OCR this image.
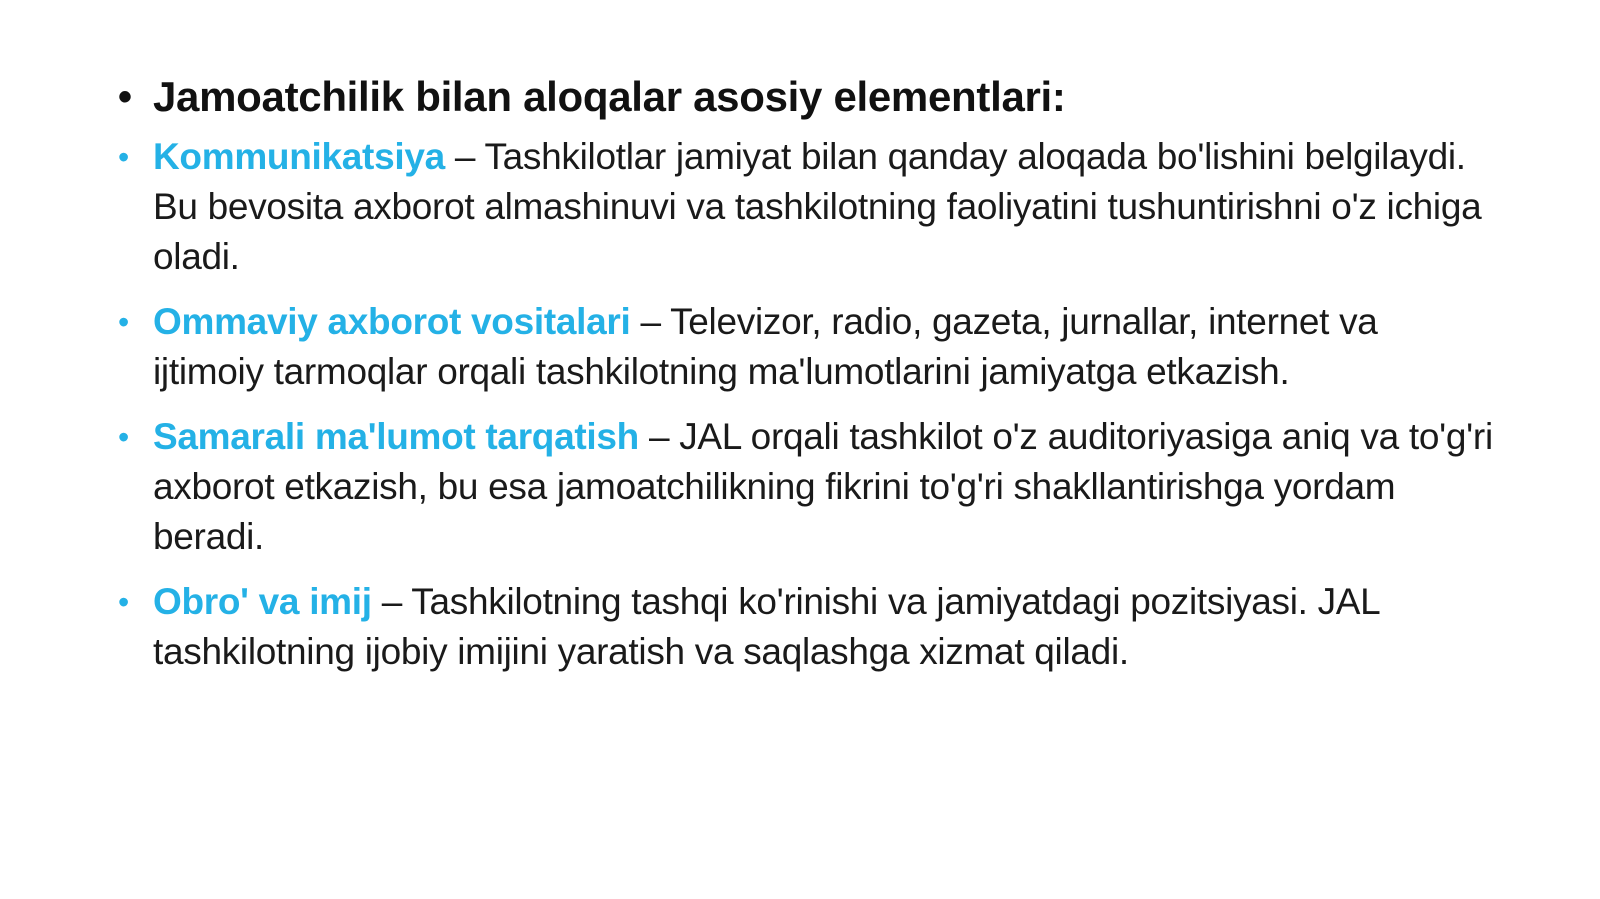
• Jamoatchilik bilan aloqalar asosiy elementlari:
• Kommunikatsiya – Tashkilotlar jamiyat bilan qanday aloqada bo'lishini belgilaydi. Bu bevosita axborot almashinuvi va tashkilotning faoliyatini tushuntirishni o'z ichiga oladi.
• Ommaviy axborot vositalari – Televizor, radio, gazeta, jurnallar, internet va ijtimoiy tarmoqlar orqali tashkilotning ma'lumotlarini jamiyatga etkazish.
• Samarali ma'lumot tarqatish – JAL orqali tashkilot o'z auditoriyasiga aniq va to'g'ri axborot etkazish, bu esa jamoatchilikning fikrini to'g'ri shakllantirishga yordam beradi.
• Obro' va imij – Tashkilotning tashqi ko'rinishi va jamiyatdagi pozitsiyasi. JAL tashkilotning ijobiy imijini yaratish va saqlashga xizmat qiladi.
